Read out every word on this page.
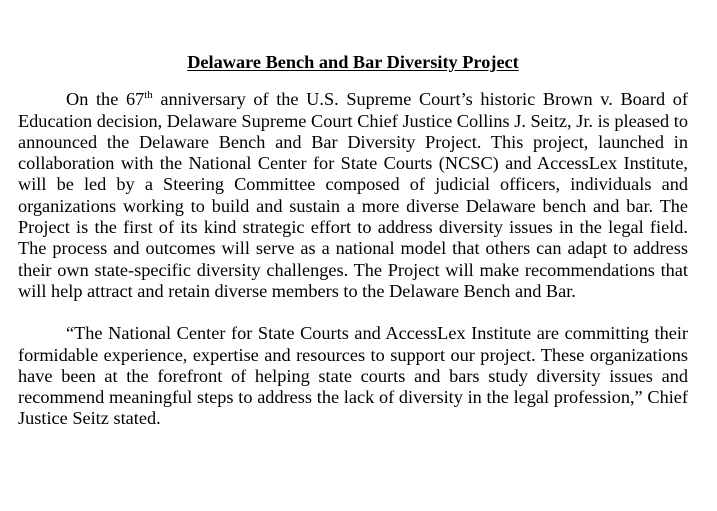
Delaware Bench and Bar Diversity Project

On the 67th anniversary of the U.S. Supreme Court’s historic Brown v. Board of Education decision, Delaware Supreme Court Chief Justice Collins J. Seitz, Jr. is pleased to announced the Delaware Bench and Bar Diversity Project. This project, launched in collaboration with the National Center for State Courts (NCSC) and AccessLex Institute, will be led by a Steering Committee composed of judicial officers, individuals and organizations working to build and sustain a more diverse Delaware bench and bar. The Project is the first of its kind strategic effort to address diversity issues in the legal field. The process and outcomes will serve as a national model that others can adapt to address their own state-specific diversity challenges. The Project will make recommendations that will help attract and retain diverse members to the Delaware Bench and Bar.

“The National Center for State Courts and AccessLex Institute are committing their formidable experience, expertise and resources to support our project. These organizations have been at the forefront of helping state courts and bars study diversity issues and recommend meaningful steps to address the lack of diversity in the legal profession,” Chief Justice Seitz stated.
